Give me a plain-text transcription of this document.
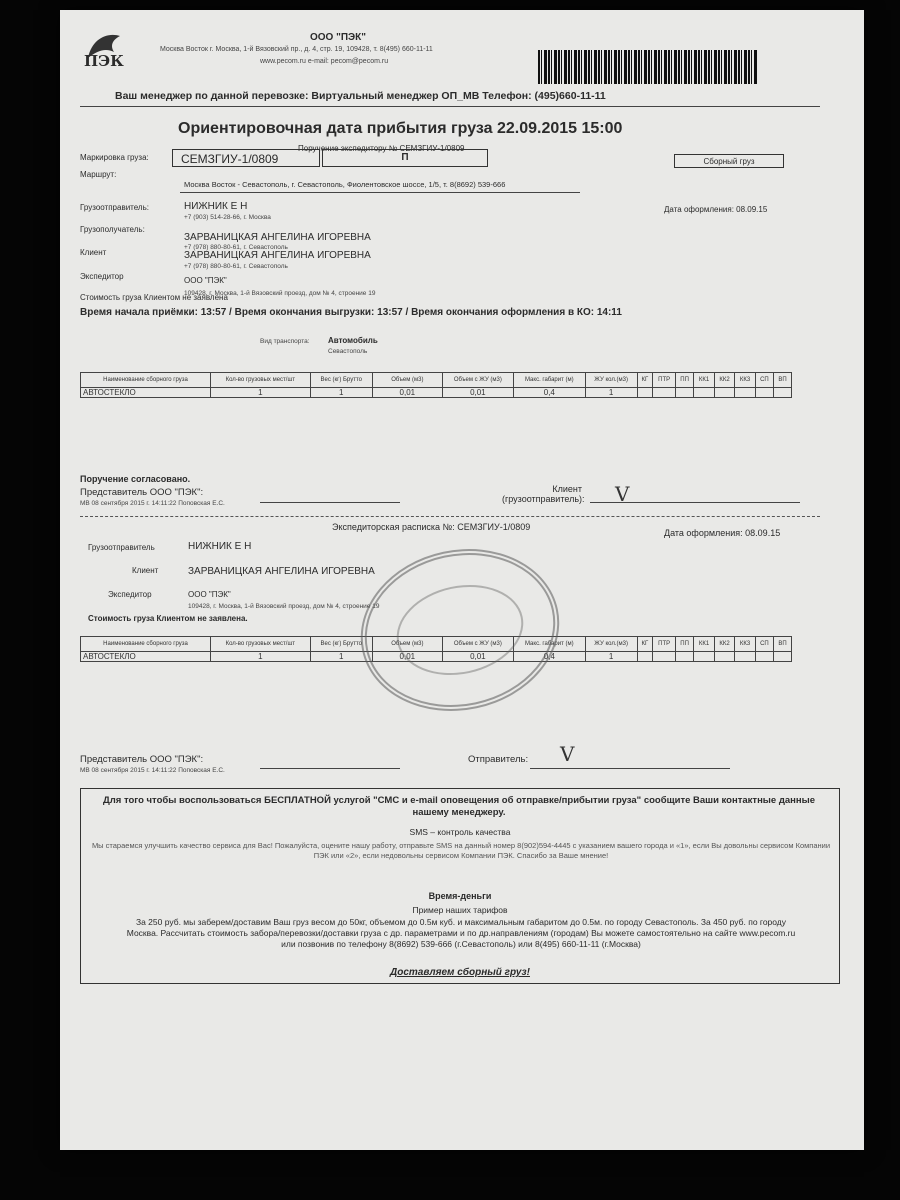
ПЭК
ООО "ПЭК"
Москва Восток г. Москва, 1-й Вязовский пр., д. 4, стр. 19, 109428, т. 8(495) 660-11-11
www.pecom.ru e-mail: pecom@pecom.ru
Ваш менеджер по данной перевозке: Виртуальный менеджер ОП_МВ Телефон: (495)660-11-11
Ориентировочная дата прибытия груза 22.09.2015 15:00
Поручение экспедитору № СЕМЗГИУ-1/0809
Маркировка груза:	СЕМЗГИУ-1/0809	П	Сборный груз
Маршрут:
Москва Восток - Севастополь, г. Севастополь, Фиолентовское шоссе, 1/5, т. 8(8692) 539-666
Дата оформления: 08.09.15
Грузоотправитель:	НИЖНИК Е Н
+7 (903) 514-28-66, г. Москва
Грузополучатель:
ЗАРВАНИЦКАЯ АНГЕЛИНА ИГОРЕВНА
+7 (978) 880-80-61, г. Севастополь
Клиент	ЗАРВАНИЦКАЯ АНГЕЛИНА ИГОРЕВНА
+7 (978) 880-80-61, г. Севастополь
Экспедитор	ООО "ПЭК"
109428, г. Москва, 1-й Вязовский проезд, дом № 4, строение 19
Стоимость груза Клиентом не заявлена
Время начала приёмки: 13:57 / Время окончания выгрузки: 13:57 / Время окончания оформления в КО: 14:11
Вид транспорта: Автомобиль
Севастополь
Наименование сборного груза	Кол-во грузовых мест/шт	Вес (кг) Брутто	Объем (м3)	Объем с ЖУ (м3)	Макс. габарит (м)	ЖУ кол.(м3)	КГ	ПТР	ПП	КК1	КК2	КК3	СП	ВП
АВТОСТЕКЛО	1	1	0,01	0,01	0,4	1								
Поручение согласовано.
Представитель ООО "ПЭК":
МВ 08 сентября 2015 г. 14:11:22 Поповская Е.С.
Клиент (грузоотправитель): V
Экспедиторская расписка №: СЕМЗГИУ-1/0809
Дата оформления: 08.09.15
Грузоотправитель	НИЖНИК Е Н
Клиент	ЗАРВАНИЦКАЯ АНГЕЛИНА ИГОРЕВНА
Экспедитор	ООО "ПЭК"
109428, г. Москва, 1-й Вязовский проезд, дом № 4, строение 19
Стоимость груза Клиентом не заявлена.
Наименование сборного груза	Кол-во грузовых мест/шт	Вес (кг) Брутто	Объем (м3)	Объем с ЖУ (м3)	Макс. габарит (м)	ЖУ кол.(м3)	КГ	ПТР	ПП	КК1	КК2	КК3	СП	ВП
АВТОСТЕКЛО	1	1	0,01	0,01	0,4	1								
Представитель ООО "ПЭК":
МВ 08 сентября 2015 г. 14:11:22 Поповская Е.С.
Отправитель: V
Для того чтобы воспользоваться БЕСПЛАТНОЙ услугой "СМС и e-mail оповещения об отправке/прибытии груза" сообщите Ваши контактные данные нашему менеджеру.
SMS – контроль качества
Мы стараемся улучшить качество сервиса для Вас! Пожалуйста, оцените нашу работу, отправьте SMS на данный номер 8(902)594-4445 с указанием вашего города и «1», если Вы довольны сервисом Компании ПЭК или «2», если недовольны сервисом Компании ПЭК. Спасибо за Ваше мнение!
Время-деньги
Пример наших тарифов
За 250 руб. мы заберем/доставим Ваш груз весом до 50кг, объемом до 0.5м куб. и максимальным габаритом до 0.5м. по городу Севастополь. За 450 руб. по городу Москва. Рассчитать стоимость забора/перевозки/доставки груза с др. параметрами и по др.направлениям (городам) Вы можете самостоятельно на сайте www.pecom.ru или позвонив по телефону 8(8692) 539-666 (г.Севастополь) или 8(495) 660-11-11 (г.Москва)
Доставляем сборный груз!
